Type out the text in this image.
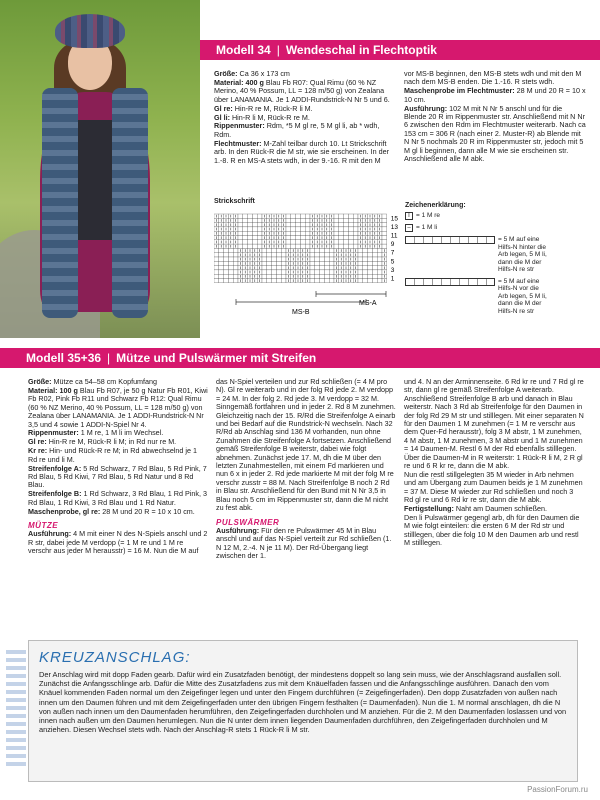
Modell 34 | Wendeschal in Flechtoptik

Größe: Ca 36 x 173 cm

Material: 400 g Blau Fb R07: Qual Rimu (60 % NZ Merino, 40 % Possum, LL = 128 m/50 g) von Zealana über LANAMANIA. Je 1 ADDI-Rundstrick-N Nr 5 und 6.

Gl re: Hin-R re M, Rück-R li M.

Gl li: Hin-R li M, Rück-R re M.

Rippenmuster: Rdm, *5 M gl re, 5 M gl li, ab * wdh, Rdm.

Flechtmuster: M-Zahl teilbar durch 10. Lt Strickschrift arb. In den Rück-R die M str, wie sie erscheinen. In der 1.-8. R en MS-A stets wdh, in der 9.-16. R mit den M

vor MS-B beginnen, den MS-B stets wdh und mit den M nach dem MS-B enden. Die 1.-16. R stets wdh.

Maschenprobe im Flechtmuster: 28 M und 20 R = 10 x 10 cm.

Ausführung: 102 M mit N Nr 5 anschl und für die Blende 20 R im Rippenmuster str. Anschließend mit N Nr 6 zwischen den Rdm im Flechtmuster weiterarb. Nach ca 153 cm = 306 R (nach einer 2. Muster-R) ab Blende mit N Nr 5 nochmals 20 R im Rippenmuster str, jedoch mit 5 M gl li beginnen, dann alle M wie sie erscheinen str. Anschließend alle M abk.

Strickschrift
15
13
11
9
7
5
3
1
MS-A
MS-B
Zeichenerklärung:
I = 1 M re
– = 1 M li
= 5 M auf eine Hilfs-N hinter die Arb legen, 5 M li, dann die M der Hilfs-N re str
= 5 M auf eine Hilfs-N vor die Arb legen, 5 M li, dann die M der Hilfs-N re str
Modell 35+36 | Mütze und Pulswärmer mit Streifen

Größe: Mütze ca 54–58 cm Kopfumfang

Material: 100 g Blau Fb R07, je 50 g Natur Fb R01, Kiwi Fb R02, Pink Fb R11 und Schwarz Fb R12: Qual Rimu (60 % NZ Merino, 40 % Possum, LL = 128 m/50 g) von Zealana über LANAMANIA. Je 1 ADDI-Rundstrick-N Nr 3,5 und 4 sowie 1 ADDI-N-Spiel Nr 4.

Rippenmuster: 1 M re, 1 M li im Wechsel.

Gl re: Hin-R re M, Rück-R li M; in Rd nur re M.

Kr re: Hin- und Rück-R re M; in Rd abwechselnd je 1 Rd re und li M.

Streifenfolge A: 5 Rd Schwarz, 7 Rd Blau, 5 Rd Pink, 7 Rd Blau, 5 Rd Kiwi, 7 Rd Blau, 5 Rd Natur und 8 Rd Blau.

Streifenfolge B: 1 Rd Schwarz, 3 Rd Blau, 1 Rd Pink, 3 Rd Blau, 1 Rd Kiwi, 3 Rd Blau und 1 Rd Natur.

Maschenprobe, gl re: 28 M und 20 R = 10 x 10 cm.

MÜTZE

Ausführung: 4 M mit einer N des N-Spiels anschl und 2 R str, dabei jede M verdopp (= 1 M re und 1 M re verschr aus jeder M herausstr) = 16 M. Nun die M auf

das N-Spiel verteilen und zur Rd schließen (= 4 M pro N). Gl re weiterarb und in der folg Rd jede 2. M verdopp = 24 M. In der folg 2. Rd jede 3. M verdopp = 32 M. Sinngemäß fortfahren und in jeder 2. Rd 8 M zunehmen. Gleichzeitig nach der 15. R/Rd die Streifenfolge A einarb und bei Bedarf auf die Rundstrick-N wechseln. Nach 32 R/Rd ab Anschlag sind 136 M vorhanden, nun ohne Zunahmen die Streifenfolge A fortsetzen. Anschließend gemäß Streifenfolge B weiterstr, dabei wie folgt abnehmen. Zunächst jede 17. M, dh die M über den letzten Zunahmestellen, mit einem Fd markieren und nun 6 x in jeder 2. Rd jede markierte M mit der folg M re verschr zusstr = 88 M. Nach Streifenfolge B noch 2 Rd in Blau str. Anschließend für den Bund mit N Nr 3,5 in Blau noch 5 cm im Rippenmuster str, dann die M nicht zu fest abk.

PULSWÄRMER

Ausführung: Für den re Pulswärmer 45 M in Blau anschl und auf das N-Spiel verteilt zur Rd schließen (1. N 12 M, 2.-4. N je 11 M). Der Rd-Übergang liegt zwischen der 1.

und 4. N an der Arminnenseite. 6 Rd kr re und 7 Rd gl re str, dann gl re gemäß Streifenfolge A weiterarb. Anschließend Streifenfolge B arb und danach in Blau weiterstr. Nach 3 Rd ab Streifenfolge für den Daumen in der folg Rd 29 M str und stilllegen. Mit einer separaten N für den Daumen 1 M zunehmen (= 1 M re verschr aus dem Quer-Fd herausstr), folg 3 M abstr, 1 M zunehmen, 4 M abstr, 1 M zunehmen, 3 M abstr und 1 M zunehmen = 14 Daumen-M. Restl 6 M der Rd ebenfalls stilllegen. Über die Daumen-M in R weiterstr: 1 Rück-R li M, 2 R gl re und 6 R kr re, dann die M abk.

Nun die restl stillgelegten 35 M wieder in Arb nehmen und am Übergang zum Daumen beids je 1 M zunehmen = 37 M. Diese M wieder zur Rd schließen und noch 3 Rd gl re und 6 Rd kr re str, dann die M abk.

Fertigstellung: Naht am Daumen schließen.

Den li Pulswärmer gegengl arb, dh für den Daumen die M wie folgt einteilen: die ersten 6 M der Rd str und stilllegen, über die folg 10 M den Daumen arb und restl M stilllegen.

KREUZANSCHLAG:
Der Anschlag wird mit dopp Faden gearb. Dafür wird ein Zusatzfaden benötigt, der mindestens doppelt so lang sein muss, wie der Anschlagsrand ausfallen soll. Zunächst die Anfangsschlinge arb. Dafür die Mitte des Zusatzfadens zus mit dem Knäuelfaden fassen und die Anfangsschlinge ausführen. Danach den vom Knäuel kommenden Faden normal um den Zeigefinger legen und unter den Fingern durchführen (= Zeigefingerfaden). Den dopp Zusatzfaden von außen nach innen um den Daumen führen und mit dem Zeigefingerfaden unter den übrigen Fingern festhalten (= Daumenfaden). Nun die 1. M normal anschlagen, dh die N von außen nach innen um den Daumenfaden herumführen, den Zeigefingerfaden durchholen und M anziehen. Für die 2. M den Daumenfaden loslassen und von innen nach außen um den Daumen herumlegen. Nun die N unter dem innen liegenden Daumenfaden durchführen, den Zeigefingerfaden durchholen und M anziehen. Diesen Wechsel stets wdh. Nach der Anschlag-R stets 1 Rück-R li M str.
PassionForum.ru
